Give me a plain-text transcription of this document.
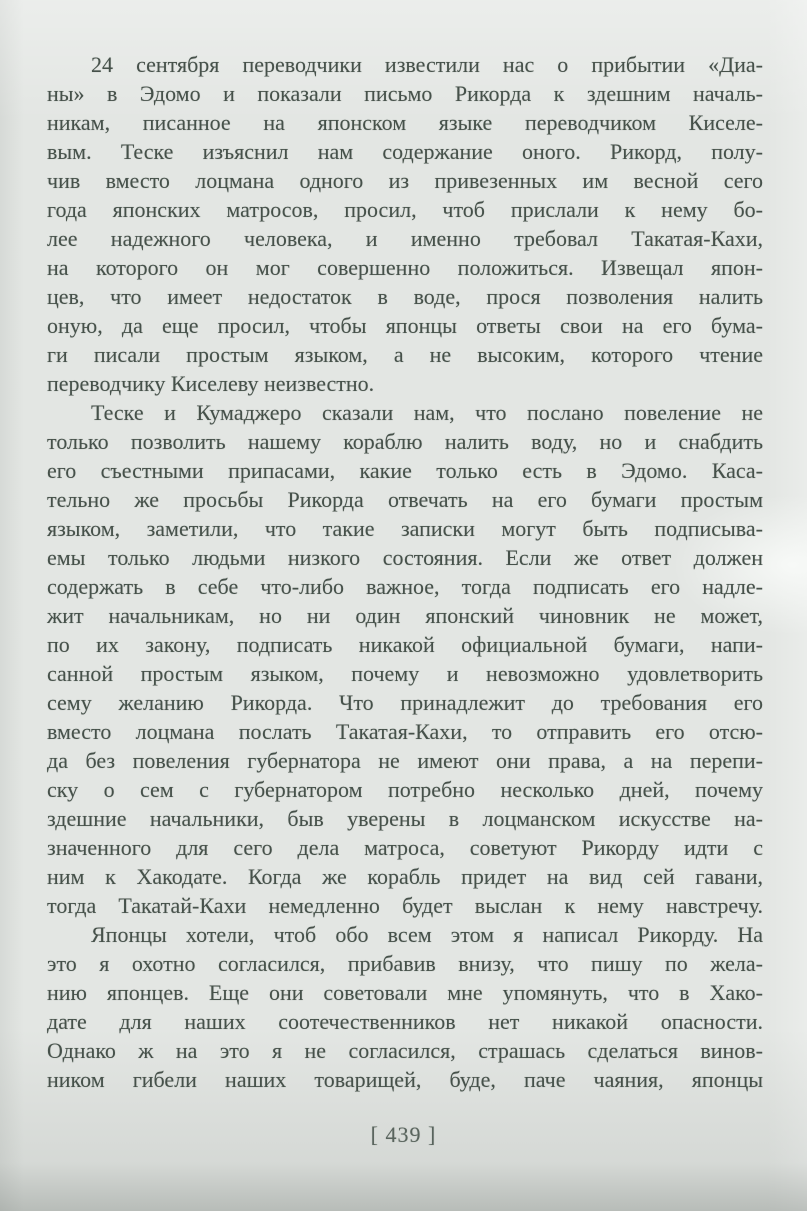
24 сентября переводчики известили нас о прибытии «Диа-
ны» в Эдомо и показали письмо Рикорда к здешним началь-
никам, писанное на японском языке переводчиком Киселе-
вым. Теске изъяснил нам содержание оного. Рикорд, полу-
чив вместо лоцмана одного из привезенных им весной сего
года японских матросов, просил, чтоб прислали к нему бо-
лее надежного человека, и именно требовал Такатая-Кахи,
на которого он мог совершенно положиться. Извещал япон-
цев, что имеет недостаток в воде, прося позволения налить
оную, да еще просил, чтобы японцы ответы свои на его бума-
ги писали простым языком, а не высоким, которого чтение
переводчику Киселеву неизвестно.
Теске и Кумаджеро сказали нам, что послано повеление не
только позволить нашему кораблю налить воду, но и снабдить
его съестными припасами, какие только есть в Эдомо. Каса-
тельно же просьбы Рикорда отвечать на его бумаги простым
языком, заметили, что такие записки могут быть подписыва-
емы только людьми низкого состояния. Если же ответ должен
содержать в себе что-либо важное, тогда подписать его надле-
жит начальникам, но ни один японский чиновник не может,
по их закону, подписать никакой официальной бумаги, напи-
санной простым языком, почему и невозможно удовлетворить
сему желанию Рикорда. Что принадлежит до требования его
вместо лоцмана послать Такатая-Кахи, то отправить его отсю-
да без повеления губернатора не имеют они права, а на перепи-
ску о сем с губернатором потребно несколько дней, почему
здешние начальники, быв уверены в лоцманском искусстве на-
значенного для сего дела матроса, советуют Рикорду идти с
ним к Хакодате. Когда же корабль придет на вид сей гавани,
тогда Такатай-Кахи немедленно будет выслан к нему навстречу.
Японцы хотели, чтоб обо всем этом я написал Рикорду. На
это я охотно согласился, прибавив внизу, что пишу по жела-
нию японцев. Еще они советовали мне упомянуть, что в Хако-
дате для наших соотечественников нет никакой опасности.
Однако ж на это я не согласился, страшась сделаться винов-
ником гибели наших товарищей, буде, паче чаяния, японцы
[ 439 ]
